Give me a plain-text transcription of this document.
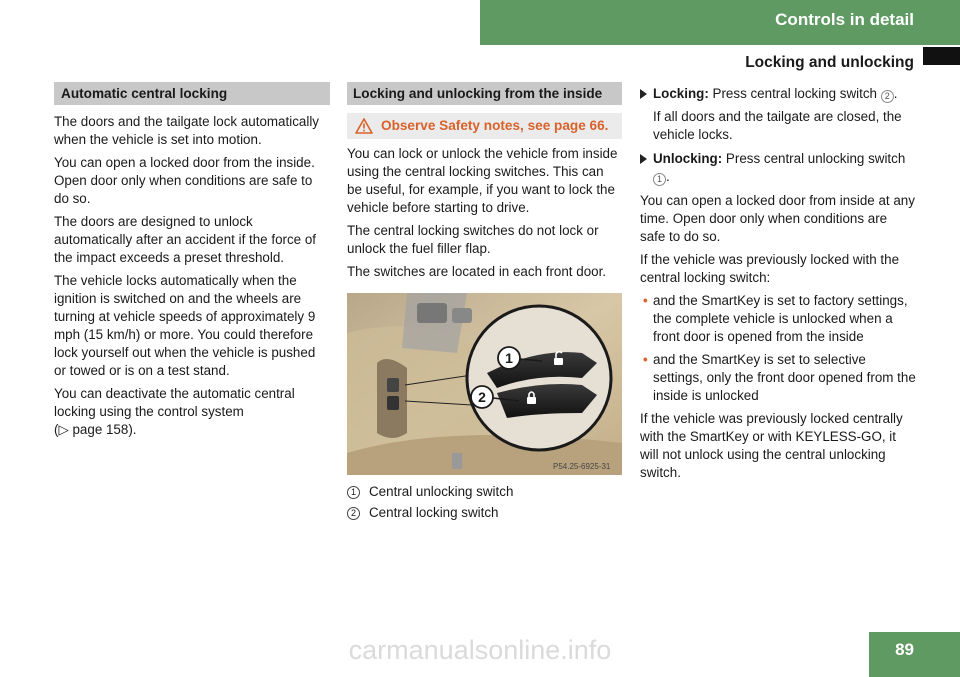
Controls in detail
Locking and unlocking
Automatic central locking

The doors and the tailgate lock automatically when the vehicle is set into motion.

You can open a locked door from the inside. Open door only when conditions are safe to do so.

The doors are designed to unlock automatically after an accident if the force of the impact exceeds a preset threshold.

The vehicle locks automatically when the ignition is switched on and the wheels are turning at vehicle speeds of approximately 9 mph (15 km/h) or more. You could therefore lock yourself out when the vehicle is pushed or towed or is on a test stand.

You can deactivate the automatic central locking using the control system
(▷ page 158).

Locking and unlocking from the inside
Observe Safety notes, see page 66.

You can lock or unlock the vehicle from inside using the central locking switches. This can be useful, for example, if you want to lock the vehicle before starting to drive.

The central locking switches do not lock or unlock the fuel filler flap.

The switches are located in each front door.

1
2
P54.25-6925-31
1 Central unlocking switch
2 Central locking switch
Locking: Press central locking switch 2 .

If all doors and the tailgate are closed, the vehicle locks.

Unlocking: Press central unlocking switch 1 .

You can open a locked door from inside at any time. Open door only when conditions are safe to do so.

If the vehicle was previously locked with the central locking switch:

• and the SmartKey is set to factory settings, the complete vehicle is unlocked when a front door is opened from the inside
• and the SmartKey is set to selective settings, only the front door opened from the inside is unlocked

If the vehicle was previously locked centrally with the SmartKey or with KEYLESS-GO, it will not unlock using the central unlocking switch.

89
carmanualsonline.info
